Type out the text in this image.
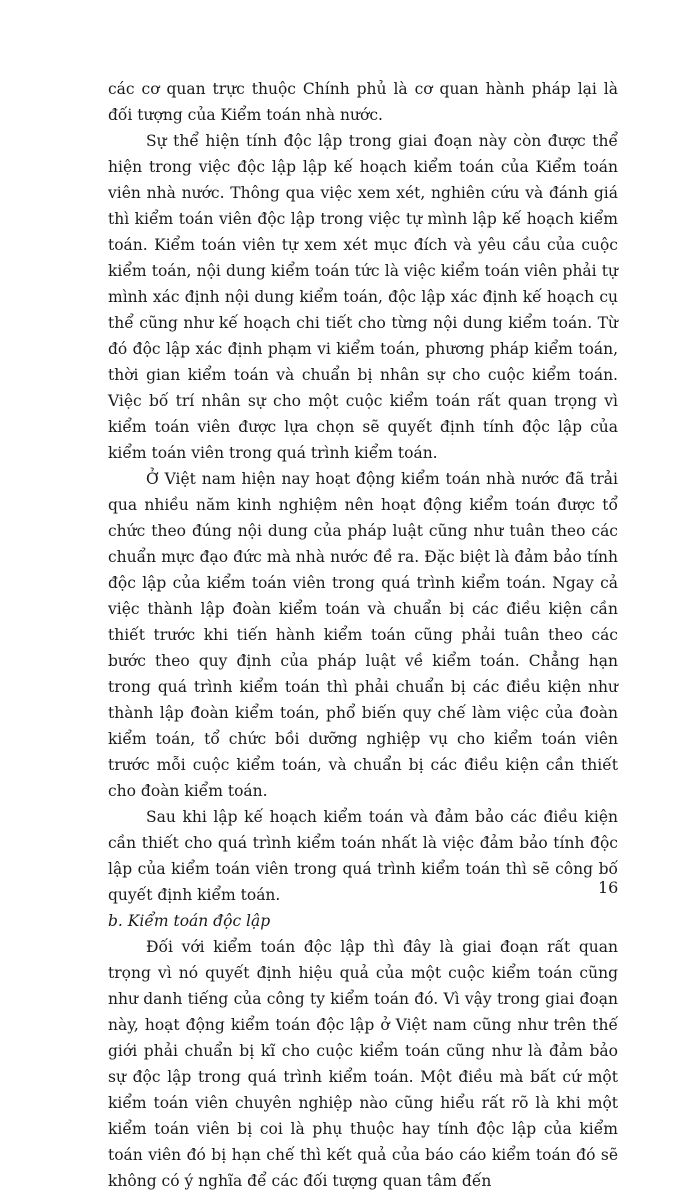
các cơ quan trực thuộc Chính phủ là cơ quan hành pháp lại là đối tượng của Kiểm toán nhà nước.

Sự thể hiện tính độc lập trong giai đoạn này còn được thể hiện trong việc độc lập lập kế hoạch kiểm toán của Kiểm toán viên nhà nước. Thông qua việc xem xét, nghiên cứu và đánh giá thì kiểm toán viên độc lập trong việc tự mình lập kế hoạch kiểm toán. Kiểm toán viên tự xem xét mục đích và yêu cầu của cuộc kiểm toán, nội dung kiểm toán tức là việc kiểm toán viên phải tự mình xác định nội dung kiểm toán, độc lập xác định kế hoạch cụ thể cũng như kế hoạch chi tiết cho từng nội dung kiểm toán. Từ đó độc lập xác định phạm vi kiểm toán, phương pháp kiểm toán, thời gian kiểm toán và chuẩn bị nhân sự cho cuộc kiểm toán. Việc bố trí nhân sự cho một cuộc kiểm toán rất quan trọng vì kiểm toán viên được lựa chọn sẽ quyết định tính độc lập của kiểm toán viên trong quá trình kiểm toán.

Ở Việt nam hiện nay hoạt động kiểm toán nhà nước đã trải qua nhiều năm kinh nghiệm nên hoạt động kiểm toán được tổ chức theo đúng nội dung của pháp luật cũng như tuân theo các chuẩn mực đạo đức mà nhà nước đề ra. Đặc biệt là đảm bảo tính độc lập của kiểm toán viên trong quá trình kiểm toán. Ngay cả việc thành lập đoàn kiểm toán và chuẩn bị các điều kiện cần thiết trước khi tiến hành kiểm toán cũng phải tuân theo các bước theo quy định của pháp luật về kiểm toán. Chẳng hạn trong quá trình kiểm toán thì phải chuẩn bị các điều kiện như thành lập đoàn kiểm toán, phổ biến quy chế làm việc của đoàn kiểm toán, tổ chức bồi dưỡng nghiệp vụ cho kiểm toán viên trước mỗi cuộc kiểm toán, và chuẩn bị các điều kiện cần thiết cho đoàn kiểm toán.

Sau khi lập kế hoạch kiểm toán và đảm bảo các điều kiện cần thiết cho quá trình kiểm toán nhất là việc đảm bảo tính độc lập của kiểm toán viên trong quá trình kiểm toán thì sẽ công bố quyết định kiểm toán.

b. Kiểm toán độc lập

Đối với kiểm toán độc lập thì đây là giai đoạn rất quan trọng vì nó quyết định hiệu quả của một cuộc kiểm toán cũng như danh tiếng của công ty kiểm toán đó. Vì vậy trong giai đoạn này, hoạt động kiểm toán độc lập ở Việt nam cũng như trên thế giới phải chuẩn bị kĩ cho cuộc kiểm toán cũng như là đảm bảo sự độc lập trong quá trình kiểm toán. Một điều mà bất cứ một kiểm toán viên chuyên nghiệp nào cũng hiểu rất rõ là khi một kiểm toán viên bị coi là phụ thuộc hay tính độc lập của kiểm toán viên đó bị hạn chế thì kết quả của báo cáo kiểm toán đó sẽ không có ý nghĩa để các đối tượng quan tâm đến

16
